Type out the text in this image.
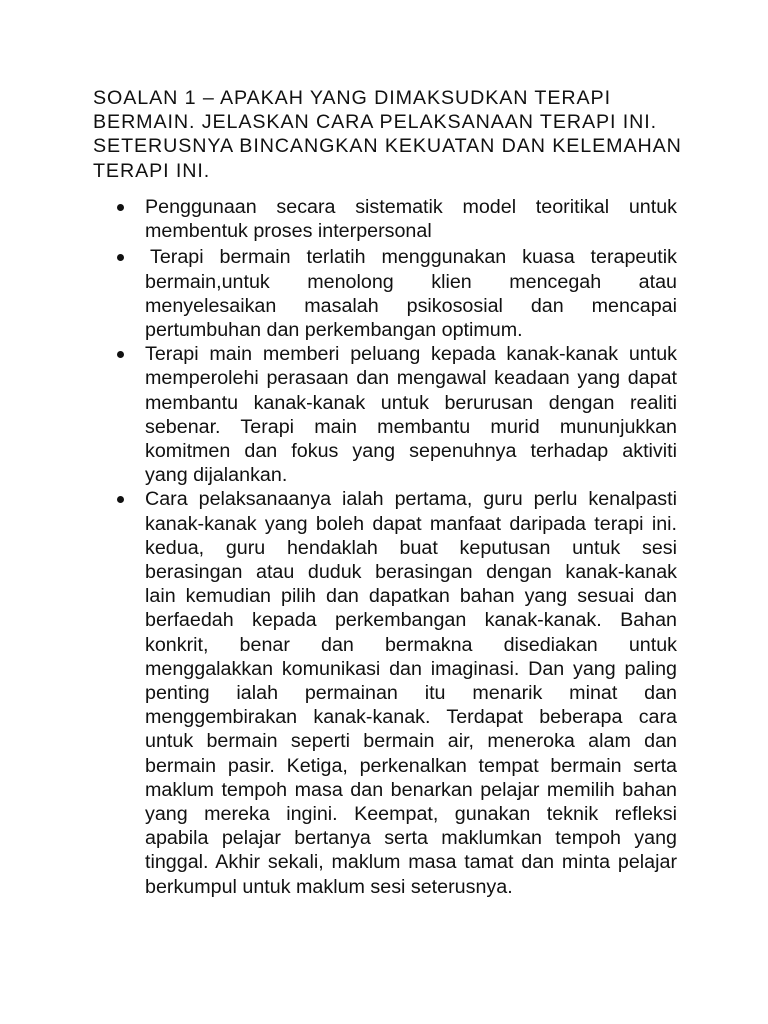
SOALAN 1 – APAKAH YANG DIMAKSUDKAN TERAPI
BERMAIN. JELASKAN CARA PELAKSANAAN TERAPI INI.
SETERUSNYA BINCANGKAN KEKUATAN DAN KELEMAHAN
TERAPI INI.
Penggunaan secara sistematik model teoritikal untuk
membentuk proses interpersonal
Terapi bermain terlatih menggunakan kuasa terapeutik
bermain,untuk menolong klien mencegah atau
menyelesaikan masalah psikososial dan mencapai
pertumbuhan dan perkembangan optimum.
Terapi main memberi peluang kepada kanak-kanak untuk
memperolehi perasaan dan mengawal keadaan yang dapat
membantu kanak-kanak untuk berurusan dengan realiti
sebenar. Terapi main membantu murid mununjukkan
komitmen dan fokus yang sepenuhnya terhadap aktiviti
yang dijalankan.
Cara pelaksanaanya ialah pertama, guru perlu kenalpasti
kanak-kanak yang boleh dapat manfaat daripada terapi ini.
kedua, guru hendaklah buat keputusan untuk sesi
berasingan atau duduk berasingan dengan kanak-kanak
lain kemudian pilih dan dapatkan bahan yang sesuai dan
berfaedah kepada perkembangan kanak-kanak. Bahan
konkrit, benar dan bermakna disediakan untuk
menggalakkan komunikasi dan imaginasi. Dan yang paling
penting ialah permainan itu menarik minat dan
menggembirakan kanak-kanak. Terdapat beberapa cara
untuk bermain seperti bermain air, meneroka alam dan
bermain pasir. Ketiga, perkenalkan tempat bermain serta
maklum tempoh masa dan benarkan pelajar memilih bahan
yang mereka ingini. Keempat, gunakan teknik refleksi
apabila pelajar bertanya serta maklumkan tempoh yang
tinggal. Akhir sekali, maklum masa tamat dan minta pelajar
berkumpul untuk maklum sesi seterusnya.
